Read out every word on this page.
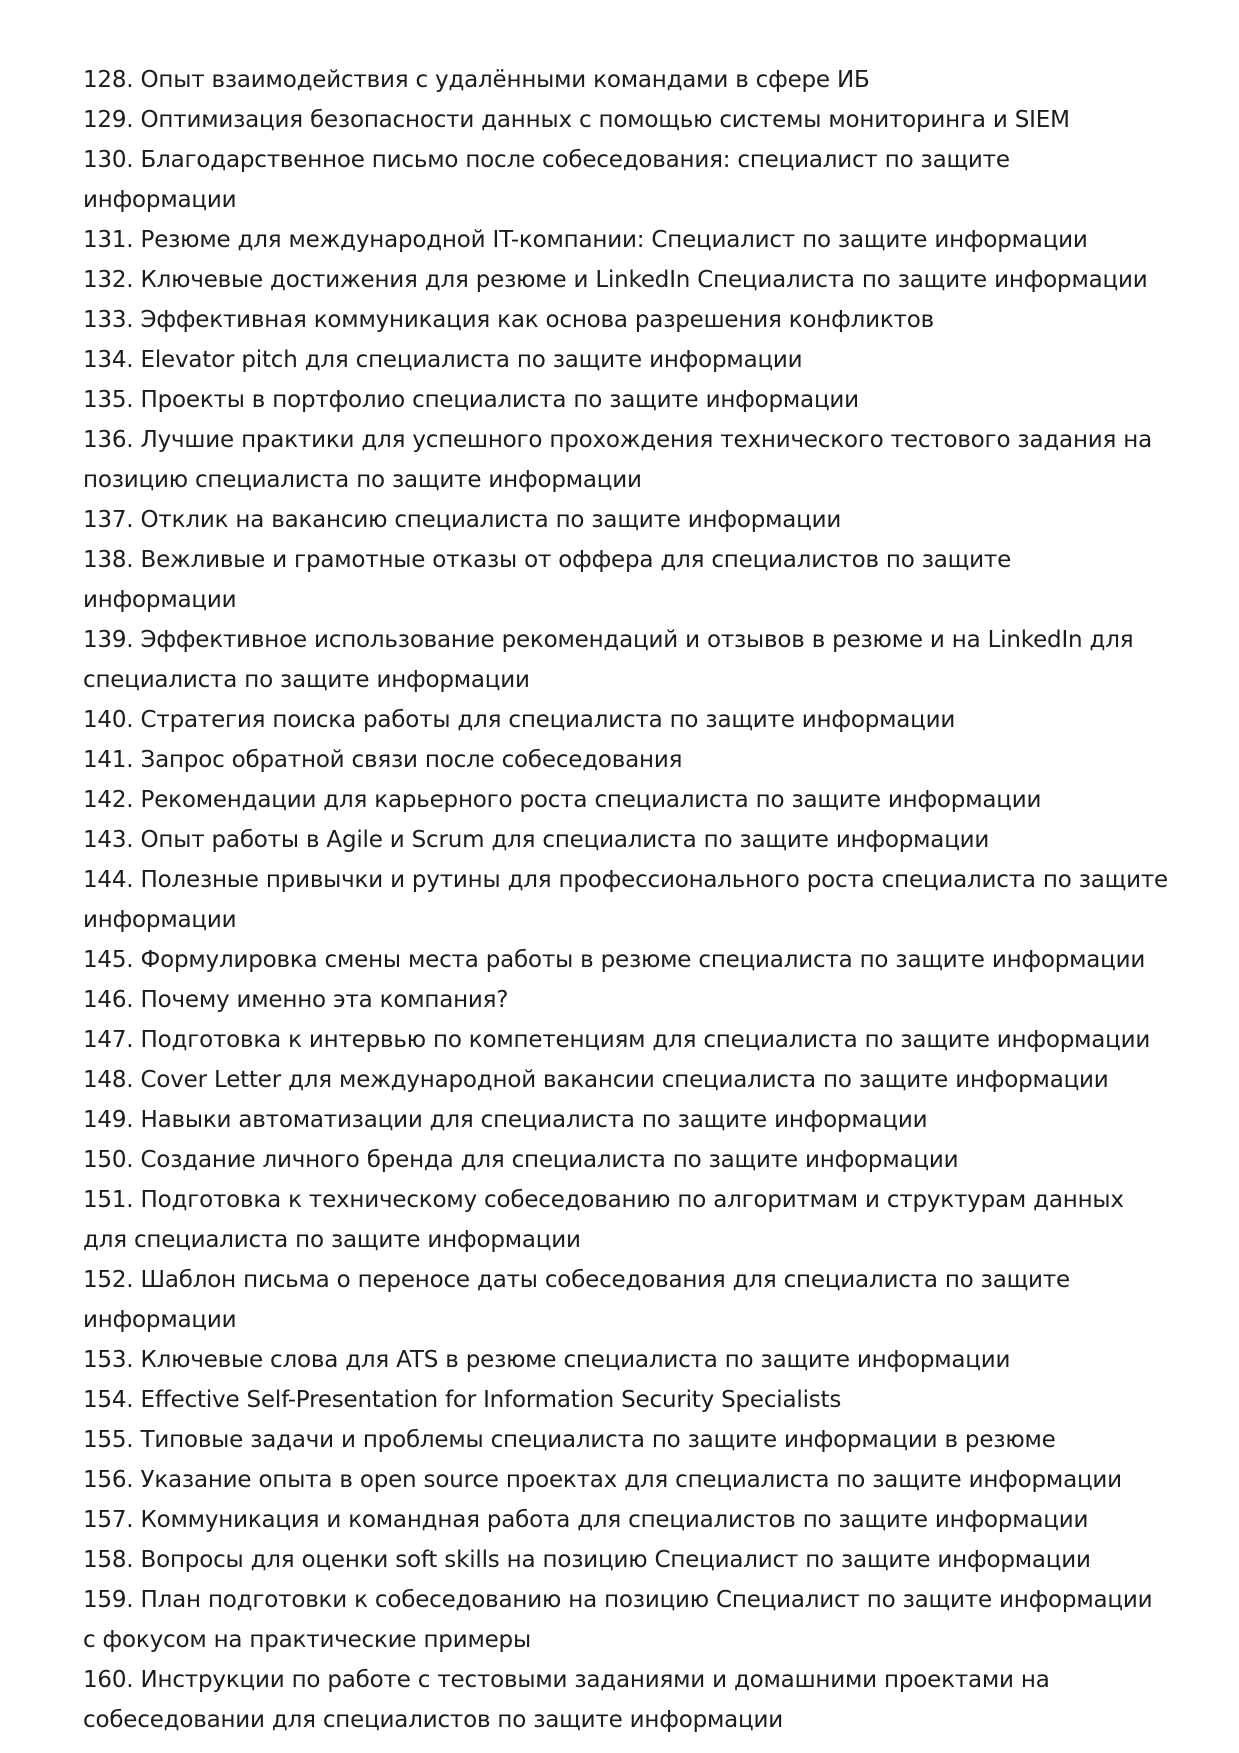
128. Опыт взаимодействия с удалёнными командами в сфере ИБ
129. Оптимизация безопасности данных с помощью системы мониторинга и SIEM
130. Благодарственное письмо после собеседования: специалист по защите информации
131. Резюме для международной IT-компании: Специалист по защите информации
132. Ключевые достижения для резюме и LinkedIn Специалиста по защите информации
133. Эффективная коммуникация как основа разрешения конфликтов
134. Elevator pitch для специалиста по защите информации
135. Проекты в портфолио специалиста по защите информации
136. Лучшие практики для успешного прохождения технического тестового задания на позицию специалиста по защите информации
137. Отклик на вакансию специалиста по защите информации
138. Вежливые и грамотные отказы от оффера для специалистов по защите информации
139. Эффективное использование рекомендаций и отзывов в резюме и на LinkedIn для специалиста по защите информации
140. Стратегия поиска работы для специалиста по защите информации
141. Запрос обратной связи после собеседования
142. Рекомендации для карьерного роста специалиста по защите информации
143. Опыт работы в Agile и Scrum для специалиста по защите информации
144. Полезные привычки и рутины для профессионального роста специалиста по защите информации
145. Формулировка смены места работы в резюме специалиста по защите информации
146. Почему именно эта компания?
147. Подготовка к интервью по компетенциям для специалиста по защите информации
148. Cover Letter для международной вакансии специалиста по защите информации
149. Навыки автоматизации для специалиста по защите информации
150. Создание личного бренда для специалиста по защите информации
151. Подготовка к техническому собеседованию по алгоритмам и структурам данных для специалиста по защите информации
152. Шаблон письма о переносе даты собеседования для специалиста по защите информации
153. Ключевые слова для ATS в резюме специалиста по защите информации
154. Effective Self-Presentation for Information Security Specialists
155. Типовые задачи и проблемы специалиста по защите информации в резюме
156. Указание опыта в open source проектах для специалиста по защите информации
157. Коммуникация и командная работа для специалистов по защите информации
158. Вопросы для оценки soft skills на позицию Специалист по защите информации
159. План подготовки к собеседованию на позицию Специалист по защите информации с фокусом на практические примеры
160. Инструкции по работе с тестовыми заданиями и домашними проектами на собеседовании для специалистов по защите информации
